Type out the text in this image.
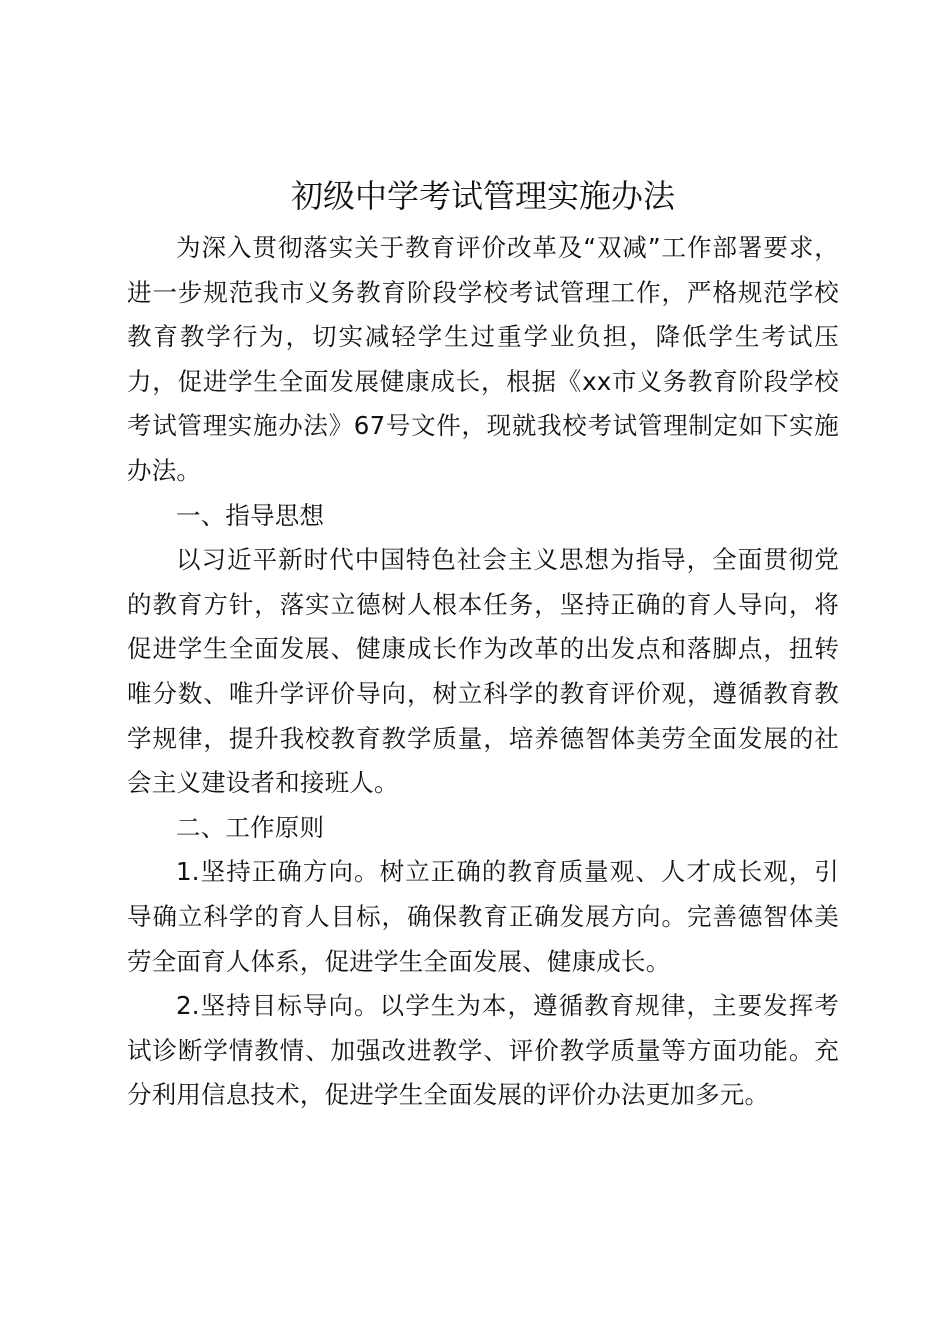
初级中学考试管理实施办法

为深入贯彻落实关于教育评价改革及“双减”工作部署要求，进一步规范我市义务教育阶段学校考试管理工作，严格规范学校教育教学行为，切实减轻学生过重学业负担，降低学生考试压力，促进学生全面发展健康成长，根据《xx市义务教育阶段学校考试管理实施办法》67号文件，现就我校考试管理制定如下实施办法。

一、指导思想

以习近平新时代中国特色社会主义思想为指导，全面贯彻党的教育方针，落实立德树人根本任务，坚持正确的育人导向，将促进学生全面发展、健康成长作为改革的出发点和落脚点，扭转唯分数、唯升学评价导向，树立科学的教育评价观，遵循教育教学规律，提升我校教育教学质量，培养德智体美劳全面发展的社会主义建设者和接班人。

二、工作原则

1.坚持正确方向。树立正确的教育质量观、人才成长观，引导确立科学的育人目标，确保教育正确发展方向。完善德智体美劳全面育人体系，促进学生全面发展、健康成长。

2.坚持目标导向。以学生为本，遵循教育规律，主要发挥考试诊断学情教情、加强改进教学、评价教学质量等方面功能。充分利用信息技术，促进学生全面发展的评价办法更加多元。
